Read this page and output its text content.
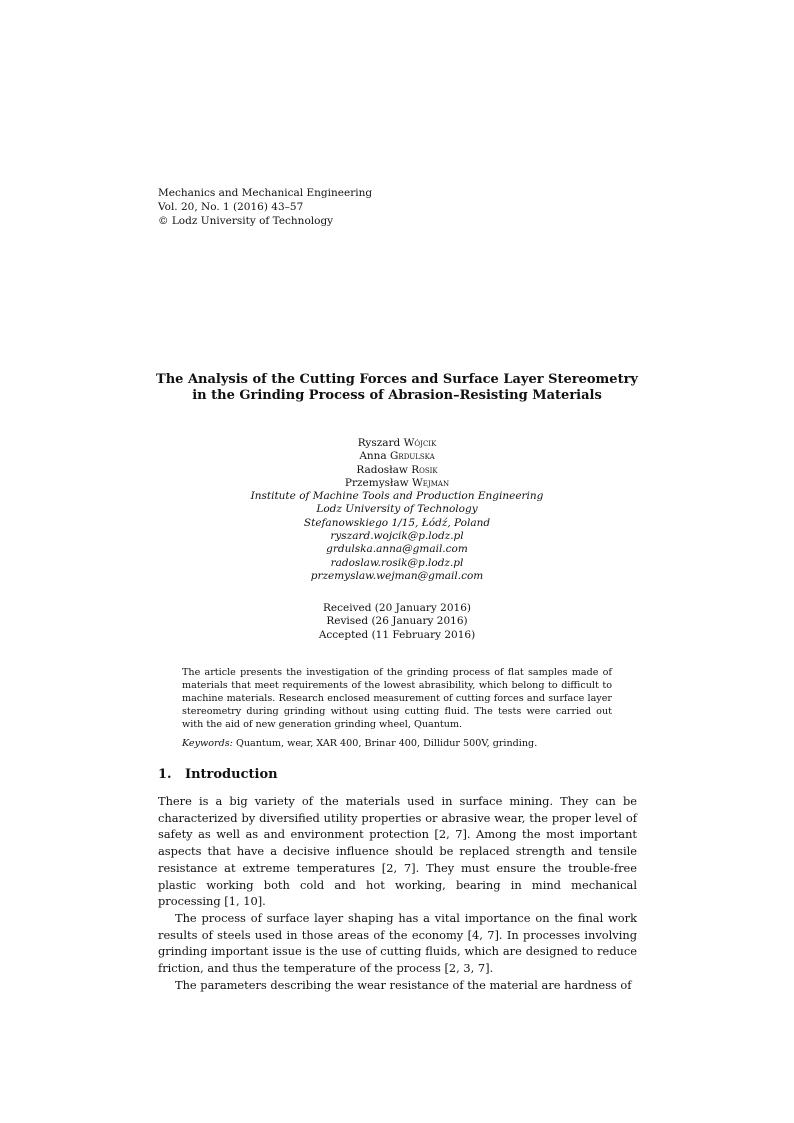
Mechanics and Mechanical Engineering
Vol. 20, No. 1 (2016) 43–57
© Lodz University of Technology
The Analysis of the Cutting Forces and Surface Layer Stereometry
in the Grinding Process of Abrasion–Resisting Materials
Ryszard Wójcik
Anna Grdulska
Radosław Rosik
Przemysław Wejman
Institute of Machine Tools and Production Engineering
Lodz University of Technology
Stefanowskiego 1/15, Łódź, Poland
ryszard.wojcik@p.lodz.pl
grdulska.anna@gmail.com
radoslaw.rosik@p.lodz.pl
przemyslaw.wejman@gmail.com
Received (20 January 2016)
Revised (26 January 2016)
Accepted (11 February 2016)
The article presents the investigation of the grinding process of flat samples made of materials that meet requirements of the lowest abrasibility, which belong to difficult to machine materials. Research enclosed measurement of cutting forces and surface layer stereometry during grinding without using cutting fluid. The tests were carried out with the aid of new generation grinding wheel, Quantum.
Keywords: Quantum, wear, XAR 400, Brinar 400, Dillidur 500V, grinding.
1. Introduction

There is a big variety of the materials used in surface mining. They can be characterized by diversified utility properties or abrasive wear, the proper level of safety as well as and environment protection [2, 7]. Among the most important aspects that have a decisive influence should be replaced strength and tensile resistance at extreme temperatures [2, 7]. They must ensure the trouble-free plastic working both cold and hot working, bearing in mind mechanical processing [1, 10].

The process of surface layer shaping has a vital importance on the final work results of steels used in those areas of the economy [4, 7]. In processes involving grinding important issue is the use of cutting fluids, which are designed to reduce friction, and thus the temperature of the process [2, 3, 7].

The parameters describing the wear resistance of the material are hardness of
